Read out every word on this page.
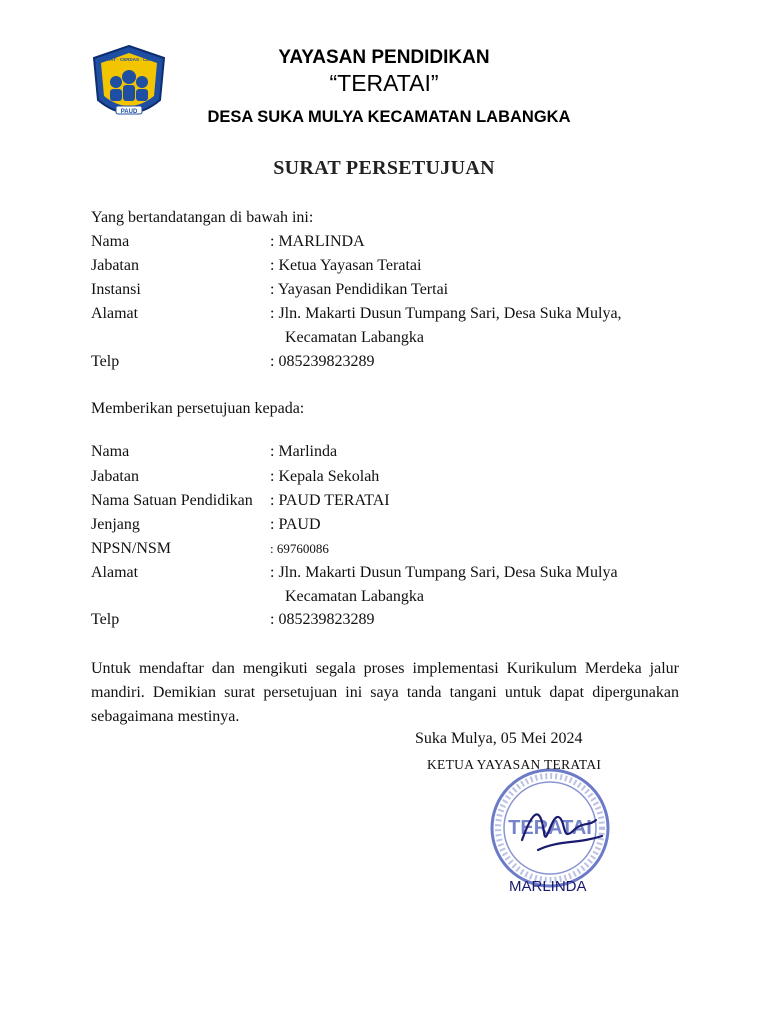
PAUD
SEHAT · CERDAS · CERIA	YAYASAN PENDIDIKAN
“TERATAI”
DESA SUKA MULYA KECAMATAN LABANGKA
SURAT PERSETUJUAN
Yang bertandatangan di bawah ini:
Nama	: MARLINDA
Jabatan	: Ketua Yayasan Teratai
Instansi	: Yayasan Pendidikan Tertai
Alamat	: Jln. Makarti Dusun Tumpang Sari, Desa Suka Mulya,
Kecamatan Labangka
Telp	: 085239823289
Memberikan persetujuan kepada:
Nama	: Marlinda
Jabatan	: Kepala Sekolah
Nama Satuan Pendidikan : PAUD TERATAI
Jenjang	: PAUD
NPSN/NSM	: 69760086
Alamat	: Jln. Makarti Dusun Tumpang Sari, Desa Suka Mulya
Kecamatan Labangka
Telp	: 085239823289
Untuk mendaftar dan mengikuti segala proses implementasi Kurikulum Merdeka jalur mandiri. Demikian surat persetujuan ini saya tanda tangani untuk dapat dipergunakan sebagaimana mestinya.
Suka Mulya, 05 Mei 2024
TERATAI
KETUA YAYASAN TERATAI
MARLINDA
